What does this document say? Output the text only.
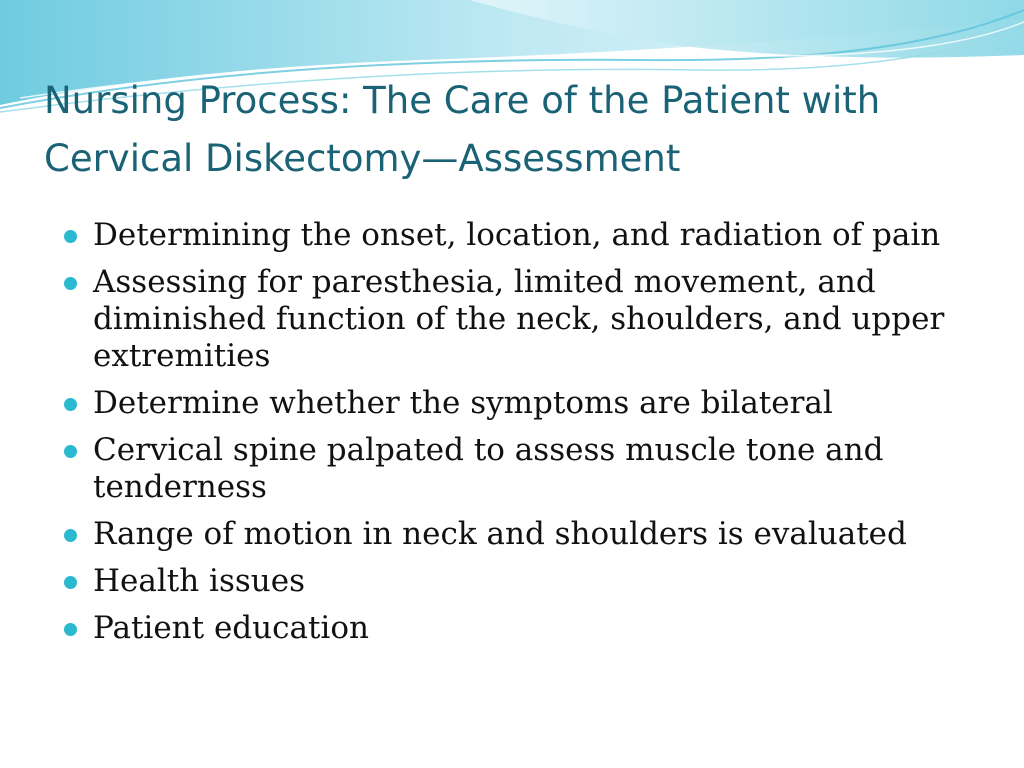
Nursing Process: The Care of the Patient with
Cervical Diskectomy—Assessment
Determining the onset, location, and radiation of pain
Assessing for paresthesia, limited movement, and diminished function of the neck, shoulders, and upper extremities
Determine whether the symptoms are bilateral
Cervical spine palpated to assess muscle tone and tenderness
Range of motion in neck and shoulders is evaluated
Health issues
Patient education
